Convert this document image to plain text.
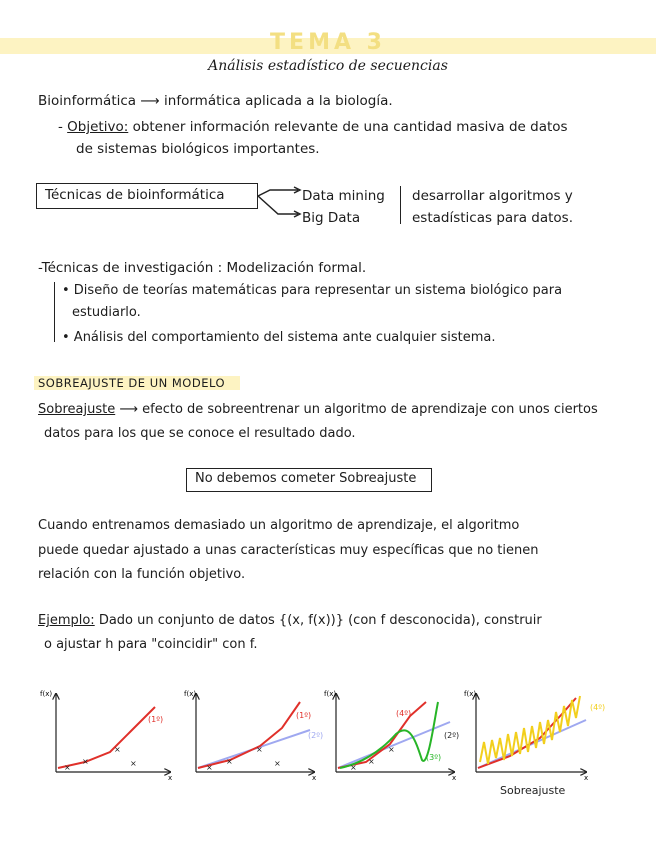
TEMA 3
Análisis estadístico de secuencias
Bioinformática ⟶ informática aplicada a la biología.
- Objetivo: obtener información relevante de una cantidad masiva de datos
de sistemas biológicos importantes.
Técnicas de bioinformática	Data mining
Big Data
desarrollar algoritmos y
estadísticas para datos.
-Técnicas de investigación : Modelización formal.
• Diseño de teorías matemáticas para representar un sistema biológico para
estudiarlo.
• Análisis del comportamiento del sistema ante cualquier sistema.
SOBREAJUSTE DE UN MODELO
Sobreajuste ⟶ efecto de sobreentrenar un algoritmo de aprendizaje con unos ciertos
datos para los que se conoce el resultado dado.
No debemos cometer Sobreajuste
Cuando entrenamos demasiado un algoritmo de aprendizaje, el algoritmo
puede quedar ajustado a unas características muy específicas que no tienen
relación con la función objetivo.
Ejemplo: Dado un conjunto de datos {(x, f(x))} (con f desconocida), construir
o ajustar h para "coincidir" con f.
f(x)
x
×
×
×
×
(1º)
f(x)
x
×
×
×
×
(1º)
(2º)
f(x)
x
×
×
×
(4º)
(2º)
(3º)
f(x)
x
(4º)
Sobreajuste
